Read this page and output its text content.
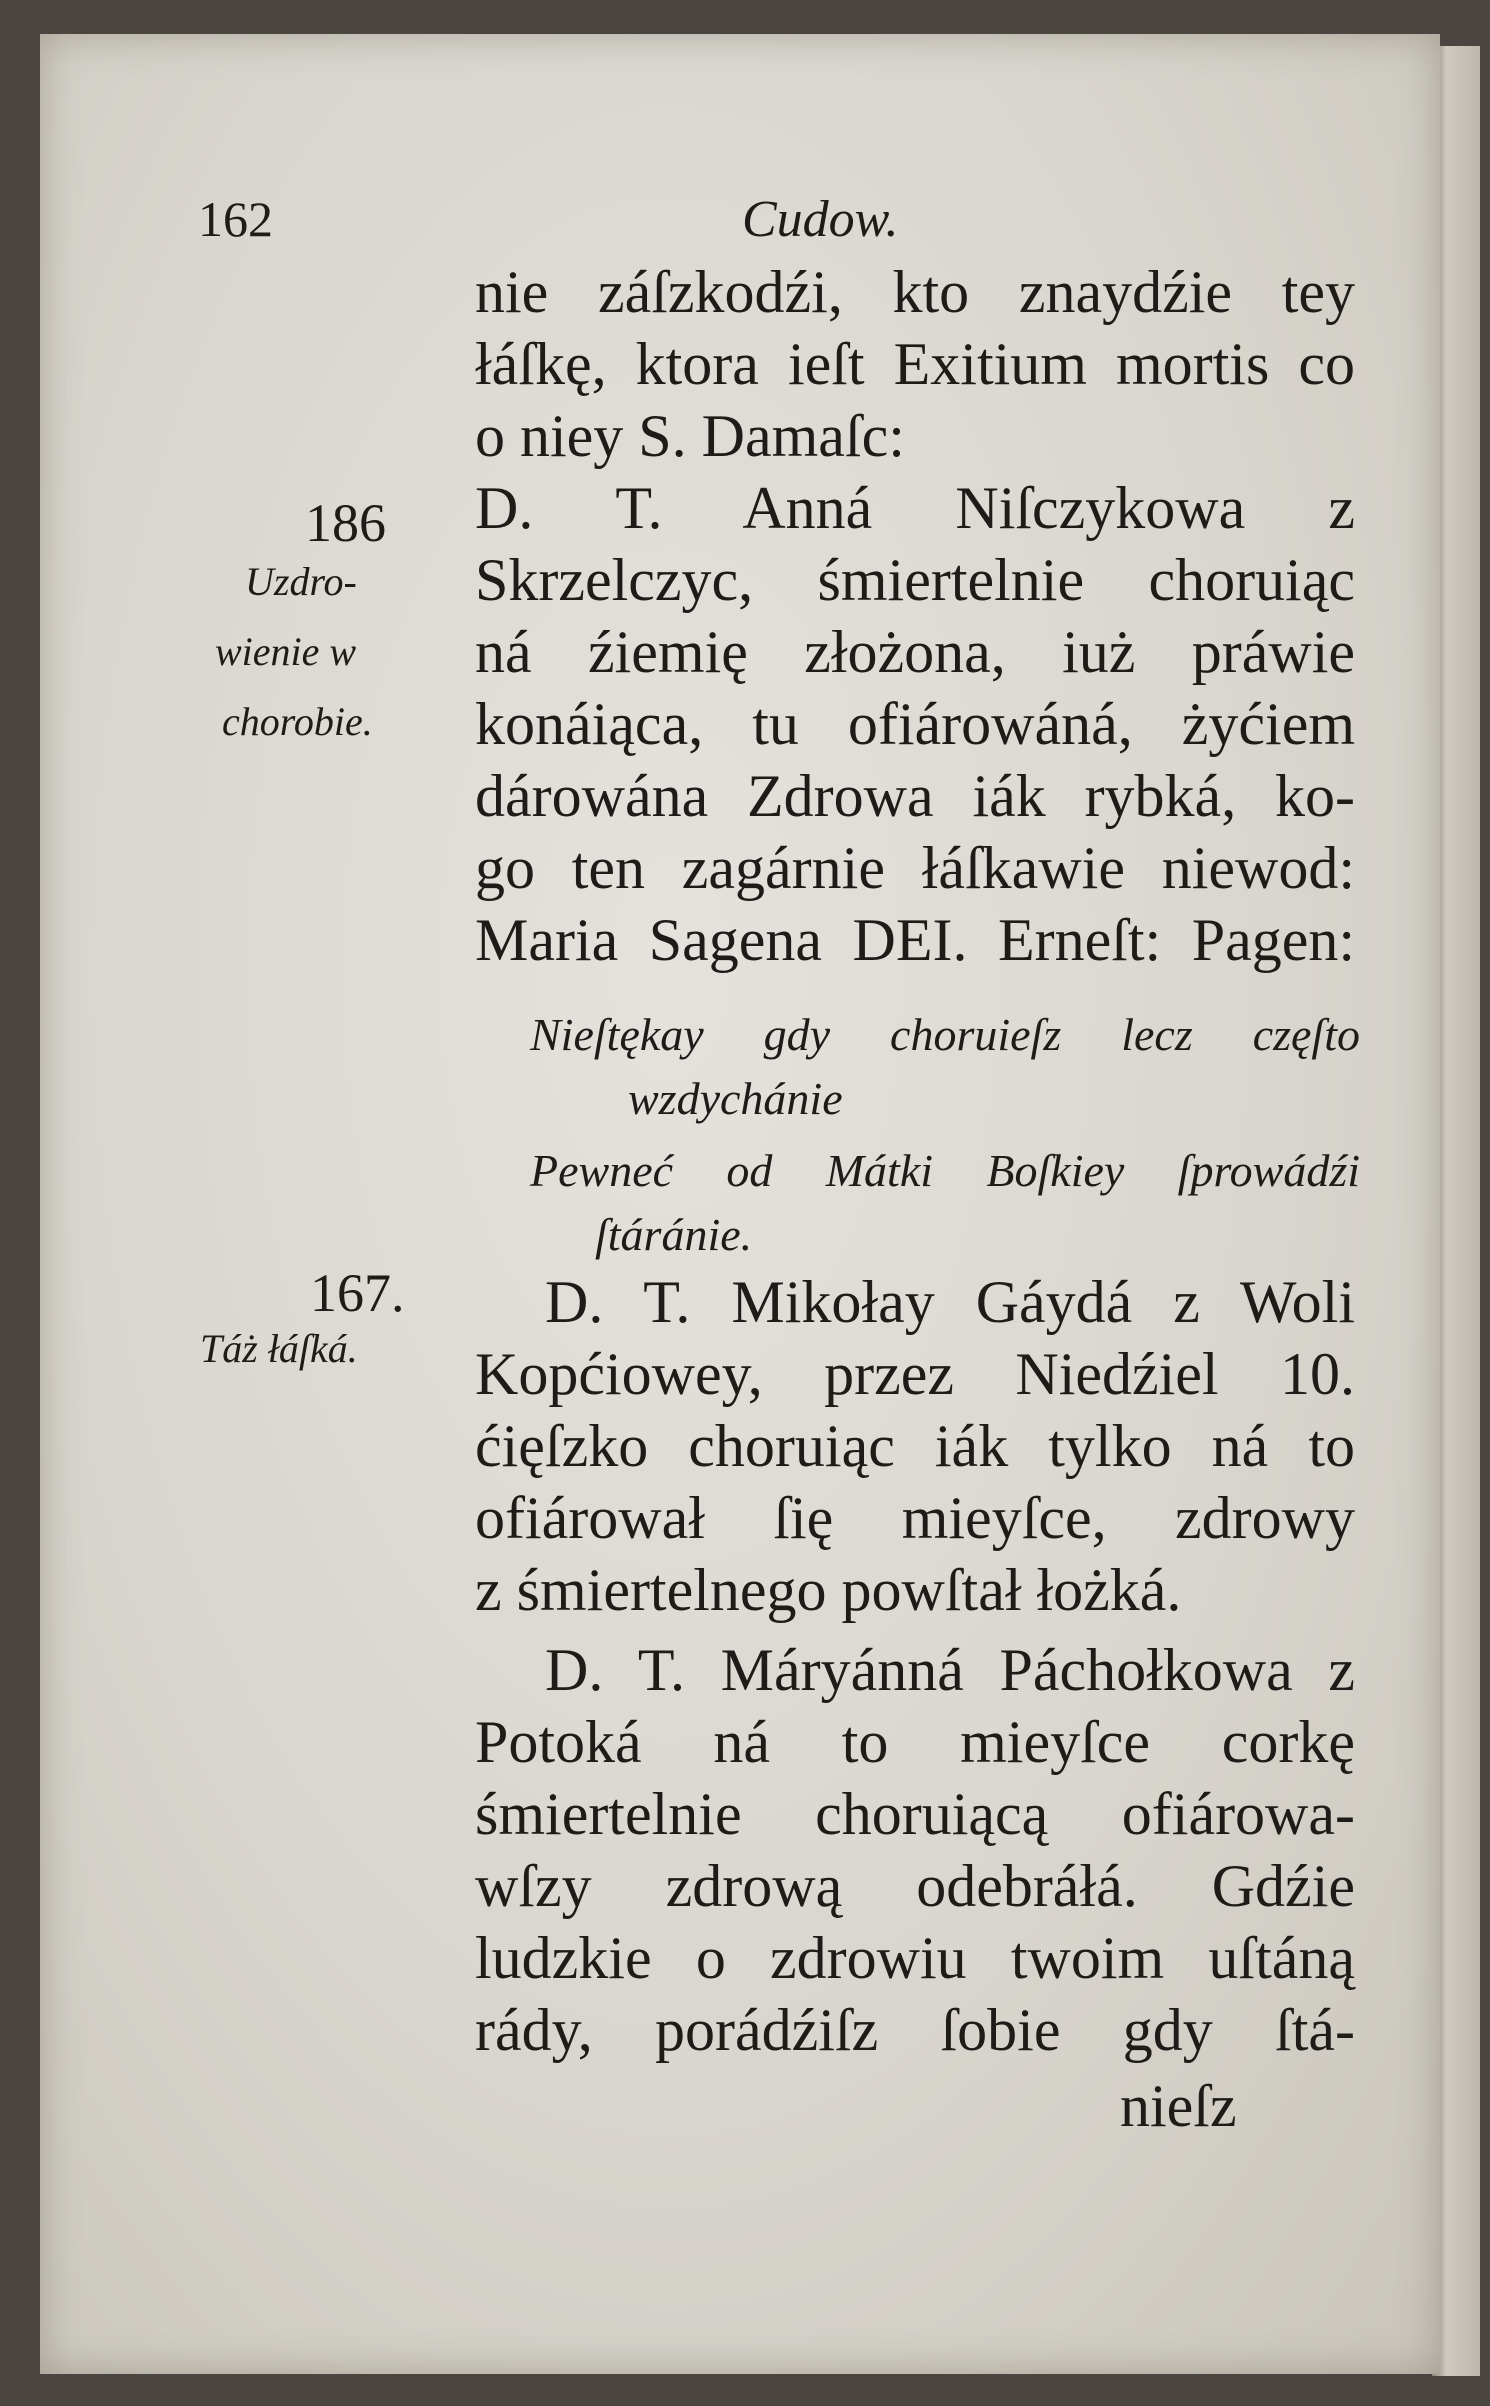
162	Cudow.
186
Uzdro-
wienie w
chorobie.
167.
Táż łáſká.
nie záſzkodźi, kto znaydźie tey
łáſkę, ktora ieſt Exitium mortis co
o niey S. Damaſc:
D. T. Anná Niſczykowa z
Skrzelczyc, śmiertelnie choruiąc
ná źiemię złożona, iuż práwie
konáiąca, tu ofiárowáná, żyćiem
dárowána Zdrowa iák rybká, ko-
go ten zagárnie łáſkawie niewod:
Maria Sagena DEI. Erneſt: Pagen:
Nieſtękay gdy choruieſz lecz częſto
wzdychánie
Pewneć od Mátki Boſkiey ſprowádźi
ſtáránie.
D. T. Mikołay Gáydá z Woli
Kopćiowey, przez Niedźiel 10.
ćięſzko choruiąc iák tylko ná to
ofiárował ſię mieyſce, zdrowy
z śmiertelnego powſtał łożká.
D. T. Máryánná Páchołkowa z
Potoká ná to mieyſce corkę
śmiertelnie choruiącą ofiárowa-
wſzy zdrową odebráłá. Gdźie
ludzkie o zdrowiu twoim uſtáną
rády, porádźiſz ſobie gdy ſtá-
nieſz
